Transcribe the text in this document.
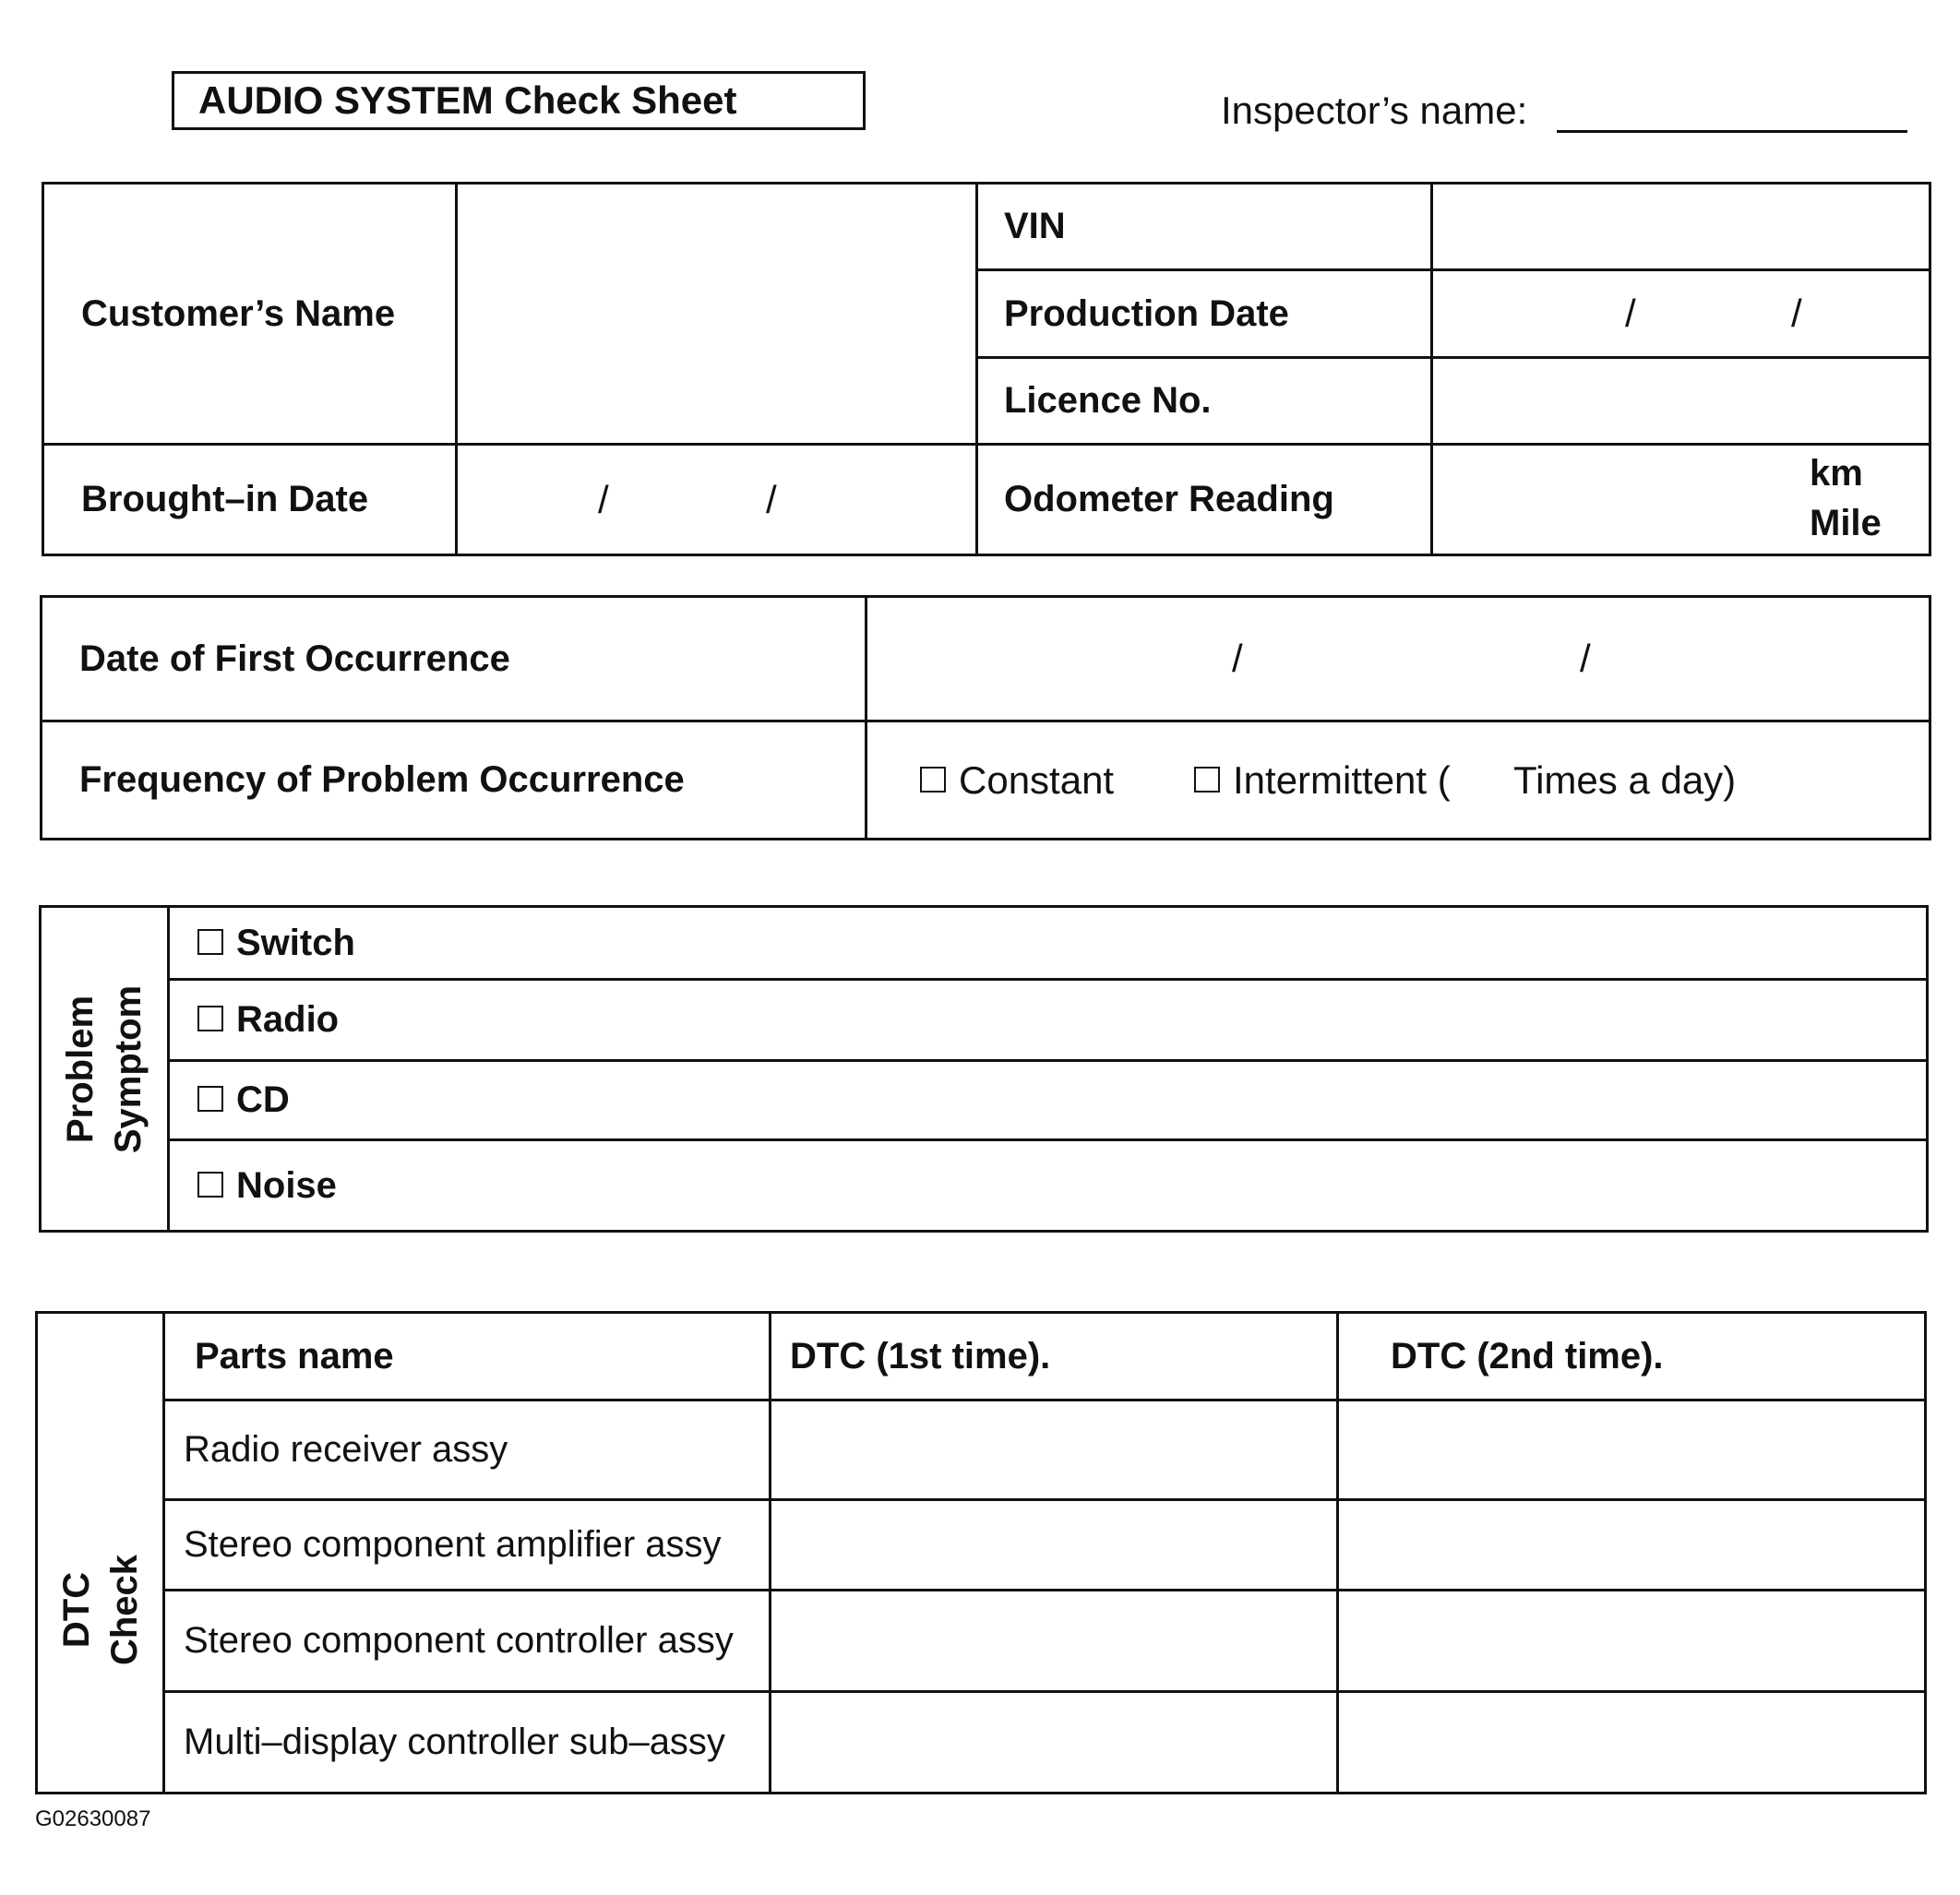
AUDIO SYSTEM Check Sheet	Inspector’s name:
Customer’s Name		VIN	
		Production Date	/ /

		Licence No.	
Brought–in Date	/ /	Odometer Reading	km
Mile
Date of First Occurrence	/ /

Frequency of Problem Occurrence	Constant Intermittent ( Times a day)
Problem Symptom
	Switch
Radio
CD
Noise
DTC Check	Parts name	DTC (1st time).	DTC (2nd time).
	Radio receiver assy		
	Stereo component amplifier assy		
	Stereo component controller assy		
	Multi–display controller sub–assy		
G02630087
